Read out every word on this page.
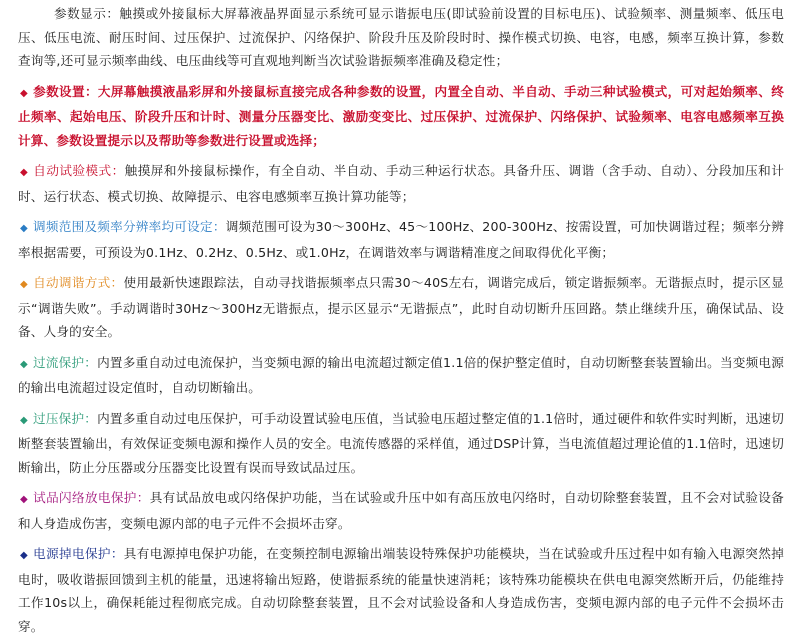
参数显示：触摸或外接鼠标大屏幕液晶界面显示系统可显示谐振电压(即试验前设置的目标电压)、试验频率、测量频率、低压电压、低压电流、耐压时间、过压保护、过流保护、闪络保护、阶段升压及阶段时时、操作模式切换、电容，电感，频率互换计算，参数查询等,还可显示频率曲线、电压曲线等可直观地判断当次试验谐振频率准确及稳定性；

◆ 参数设置：大屏幕触摸液晶彩屏和外接鼠标直接完成各种参数的设置，内置全自动、半自动、手动三种试验模式，可对起始频率、终止频率、起始电压、阶段升压和计时、测量分压器变比、激励变变比、过压保护、过流保护、闪络保护、试验频率、电容电感频率互换计算、参数设置提示以及帮助等参数进行设置或选择；

◆ 自动试验模式：触摸屏和外接鼠标操作，有全自动、半自动、手动三种运行状态。具备升压、调谐（含手动、自动）、分段加压和计时、运行状态、模式切换、故障提示、电容电感频率互换计算功能等；

◆ 调频范围及频率分辨率均可设定：调频范围可设为30～300Hz、45～100Hz、200-300Hz、按需设置，可加快调谐过程；频率分辨率根据需要，可预设为0.1Hz、0.2Hz、0.5Hz、或1.0Hz，在调谐效率与调谐精准度之间取得优化平衡；

◆ 自动调谐方式：使用最新快速跟踪法，自动寻找谐振频率点只需30～40S左右，调谐完成后，锁定谐振频率。无谐振点时，提示区显示“调谐失败”。手动调谐时30Hz～300Hz无谐振点，提示区显示“无谐振点”，此时自动切断升压回路。禁止继续升压，确保试品、设备、人身的安全。

◆ 过流保护：内置多重自动过电流保护，当变频电源的输出电流超过额定值1.1倍的保护整定值时，自动切断整套装置输出。当变频电源的输出电流超过设定值时，自动切断输出。

◆ 过压保护：内置多重自动过电压保护，可手动设置试验电压值，当试验电压超过整定值的1.1倍时，通过硬件和软件实时判断，迅速切断整套装置输出，有效保证变频电源和操作人员的安全。电流传感器的采样值，通过DSP计算，当电流值超过理论值的1.1倍时，迅速切断输出，防止分压器或分压器变比设置有误而导致试品过压。

◆ 试品闪络放电保护：具有试品放电或闪络保护功能，当在试验或升压中如有高压放电闪络时，自动切除整套装置，且不会对试验设备和人身造成伤害，变频电源内部的电子元件不会损坏击穿。

◆ 电源掉电保护：具有电源掉电保护功能，在变频控制电源输出端装设特殊保护功能模块，当在试验或升压过程中如有输入电源突然掉电时，吸收谐振回馈到主机的能量，迅速将输出短路，使谐振系统的能量快速消耗；该特殊功能模块在供电电源突然断开后，仍能维持工作10s以上，确保耗能过程彻底完成。自动切除整套装置，且不会对试验设备和人身造成伤害，变频电源内部的电子元件不会损坏击穿。
